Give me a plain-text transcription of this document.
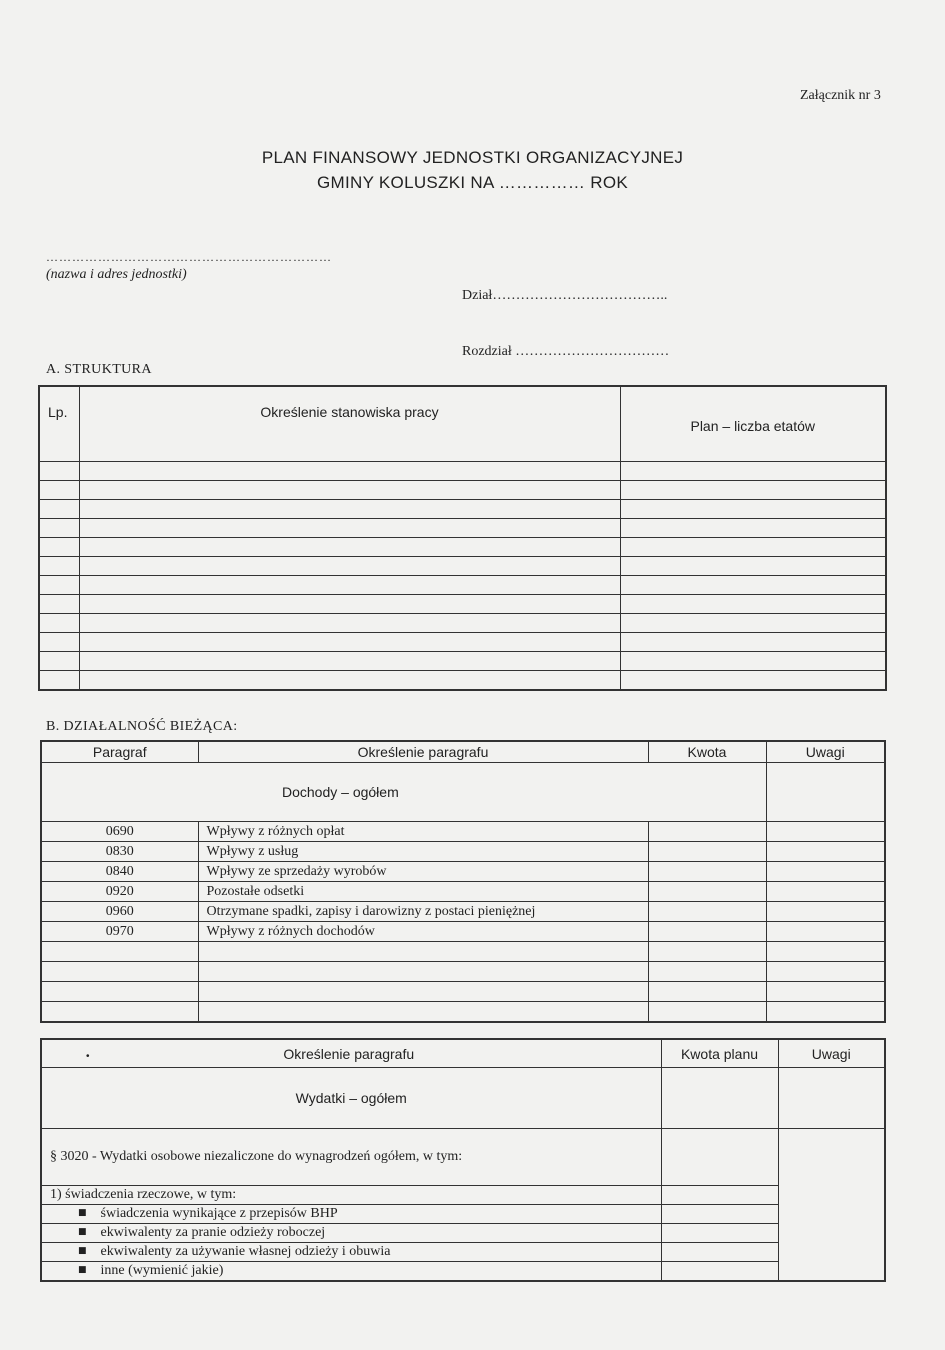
Załącznik nr 3
PLAN FINANSOWY JEDNOSTKI ORGANIZACYJNEJ
GMINY KOLUSZKI NA …………… ROK
…………………………………………………………
(nazwa i adres jednostki)
Dział………………………………..
Rozdział ……………………………
A. STRUKTURA
Lp.	Określenie stanowiska pracy	Plan – liczba etatów

B. DZIAŁALNOŚĆ BIEŻĄCA:
Paragraf	Określenie paragrafu	Kwota	Uwagi
Dochody – ogółem			
0690	Wpływy z różnych opłat		
0830	Wpływy z usług		
0840	Wpływy ze sprzedaży wyrobów		
0920	Pozostałe odsetki		
0960	Otrzymane spadki, zapisy i darowizny z postaci pieniężnej		
0970	Wpływy z różnych dochodów		

• Określenie paragrafu	Kwota planu	Uwagi
Wydatki – ogółem		
§ 3020 - Wydatki osobowe niezaliczone do wynagrodzeń ogółem, w tym:		
1) świadczenia rzeczowe, w tym:		
■ świadczenia wynikające z przepisów BHP		
■ ekwiwalenty za pranie odzieży roboczej		
■ ekwiwalenty za używanie własnej odzieży i obuwia		
■ inne (wymienić jakie)		
